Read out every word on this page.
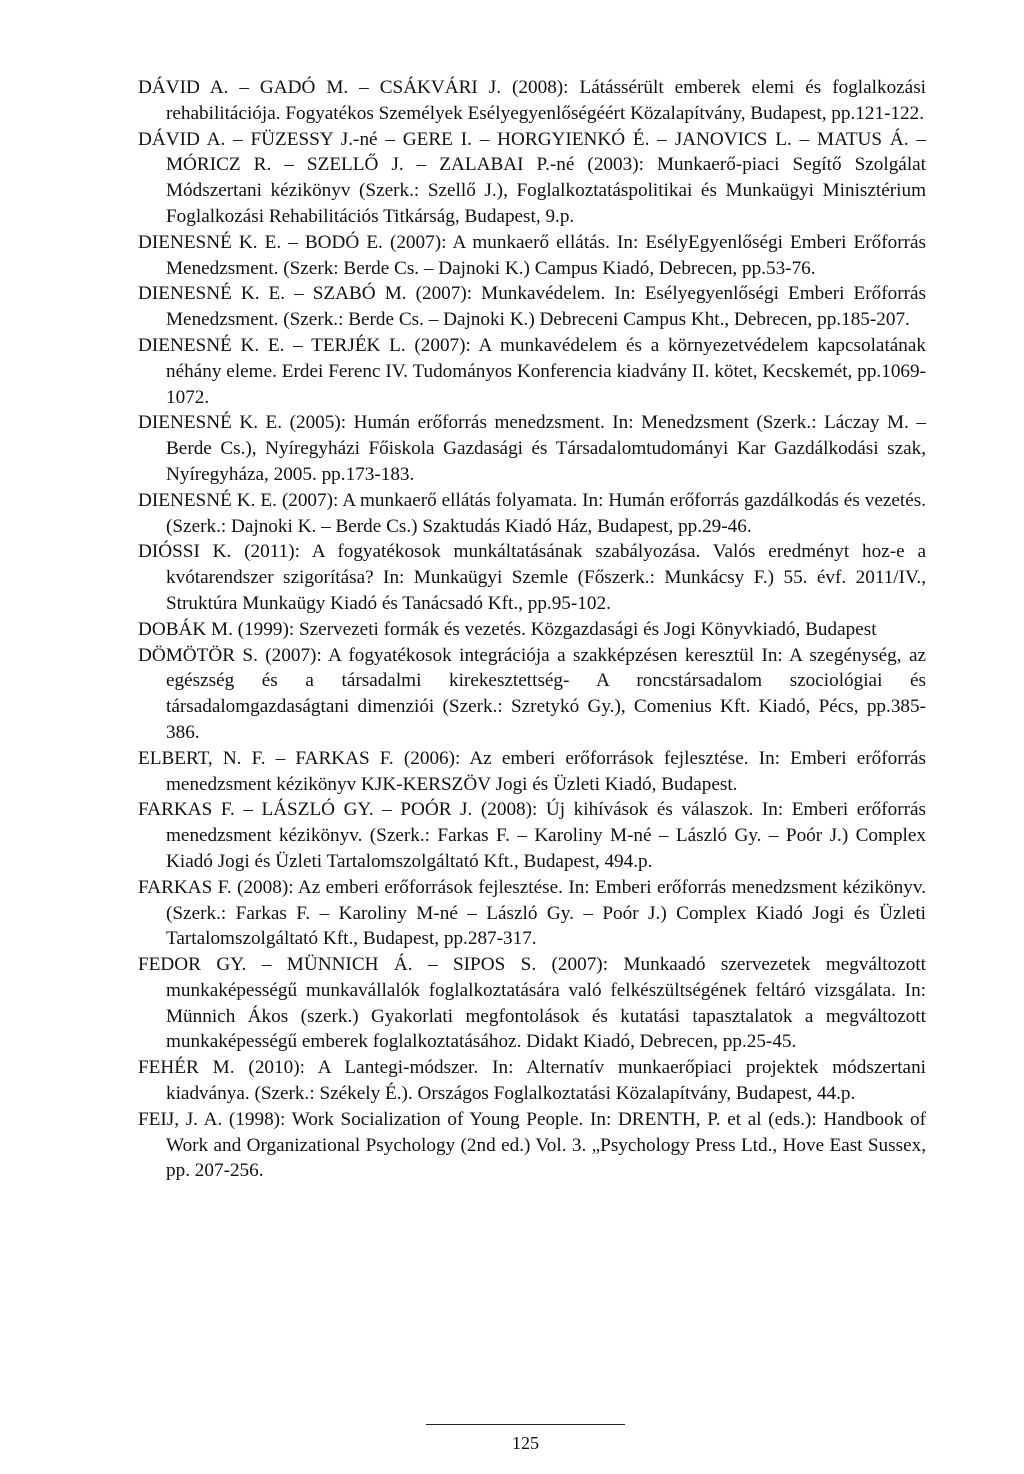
DÁVID A. – GADÓ M. – CSÁKVÁRI J. (2008): Látássérült emberek elemi és foglalkozási rehabilitációja. Fogyatékos Személyek Esélyegyenlőségéért Közalapítvány, Budapest, pp.121-122.
DÁVID A. – FÜZESSY J.-né – GERE I. – HORGYIENKÓ É. – JANOVICS L. – MATUS Á. – MÓRICZ R. – SZELLŐ J. – ZALABAI P.-né (2003): Munkaerő-piaci Segítő Szolgálat Módszertani kézikönyv (Szerk.: Szellő J.), Foglalkoztatáspolitikai és Munkaügyi Minisztérium Foglalkozási Rehabilitációs Titkárság, Budapest, 9.p.
DIENESNÉ K. E. – BODÓ E. (2007): A munkaerő ellátás. In: EsélyEgyenlőségi Emberi Erőforrás Menedzsment. (Szerk: Berde Cs. – Dajnoki K.) Campus Kiadó, Debrecen, pp.53-76.
DIENESNÉ K. E. – SZABÓ M. (2007): Munkavédelem. In: Esélyegyenlőségi Emberi Erőforrás Menedzsment. (Szerk.: Berde Cs. – Dajnoki K.) Debreceni Campus Kht., Debrecen, pp.185-207.
DIENESNÉ K. E. – TERJÉK L. (2007): A munkavédelem és a környezetvédelem kapcsolatának néhány eleme. Erdei Ferenc IV. Tudományos Konferencia kiadvány II. kötet, Kecskemét, pp.1069-1072.
DIENESNÉ K. E. (2005): Humán erőforrás menedzsment. In: Menedzsment (Szerk.: Láczay M. – Berde Cs.), Nyíregyházi Főiskola Gazdasági és Társadalomtudományi Kar Gazdálkodási szak, Nyíregyháza, 2005. pp.173-183.
DIENESNÉ K. E. (2007): A munkaerő ellátás folyamata. In: Humán erőforrás gazdálkodás és vezetés. (Szerk.: Dajnoki K. – Berde Cs.) Szaktudás Kiadó Ház, Budapest, pp.29-46.
DIÓSSI K. (2011): A fogyatékosok munkáltatásának szabályozása. Valós eredményt hoz-e a kvótarendszer szigorítása? In: Munkaügyi Szemle (Főszerk.: Munkácsy F.) 55. évf. 2011/IV., Struktúra Munkaügy Kiadó és Tanácsadó Kft., pp.95-102.
DOBÁK M. (1999): Szervezeti formák és vezetés. Közgazdasági és Jogi Könyvkiadó, Budapest
DÖMÖTÖR S. (2007): A fogyatékosok integrációja a szakképzésen keresztül In: A szegénység, az egészség és a társadalmi kirekesztettség- A roncstársadalom szociológiai és társadalomgazdaságtani dimenziói (Szerk.: Szretykó Gy.), Comenius Kft. Kiadó, Pécs, pp.385-386.
ELBERT, N. F. – FARKAS F. (2006): Az emberi erőforrások fejlesztése. In: Emberi erőforrás menedzsment kézikönyv KJK-KERSZÖV Jogi és Üzleti Kiadó, Budapest.
FARKAS F. – LÁSZLÓ GY. – POÓR J. (2008): Új kihívások és válaszok. In: Emberi erőforrás menedzsment kézikönyv. (Szerk.: Farkas F. – Karoliny M-né – László Gy. – Poór J.) Complex Kiadó Jogi és Üzleti Tartalomszolgáltató Kft., Budapest, 494.p.
FARKAS F. (2008): Az emberi erőforrások fejlesztése. In: Emberi erőforrás menedzsment kézikönyv. (Szerk.: Farkas F. – Karoliny M-né – László Gy. – Poór J.) Complex Kiadó Jogi és Üzleti Tartalomszolgáltató Kft., Budapest, pp.287-317.
FEDOR GY. – MÜNNICH Á. – SIPOS S. (2007): Munkaadó szervezetek megváltozott munkaképességű munkavállalók foglalkoztatására való felkészültségének feltáró vizsgálata. In: Münnich Ákos (szerk.) Gyakorlati megfontolások és kutatási tapasztalatok a megváltozott munkaképességű emberek foglalkoztatásához. Didakt Kiadó, Debrecen, pp.25-45.
FEHÉR M. (2010): A Lantegi-módszer. In: Alternatív munkaerőpiaci projektek módszertani kiadványa. (Szerk.: Székely É.). Országos Foglalkoztatási Közalapítvány, Budapest, 44.p.
FEIJ, J. A. (1998): Work Socialization of Young People. In: DRENTH, P. et al (eds.): Handbook of Work and Organizational Psychology (2nd ed.) Vol. 3. „Psychology Press Ltd., Hove East Sussex, pp. 207-256.
125
